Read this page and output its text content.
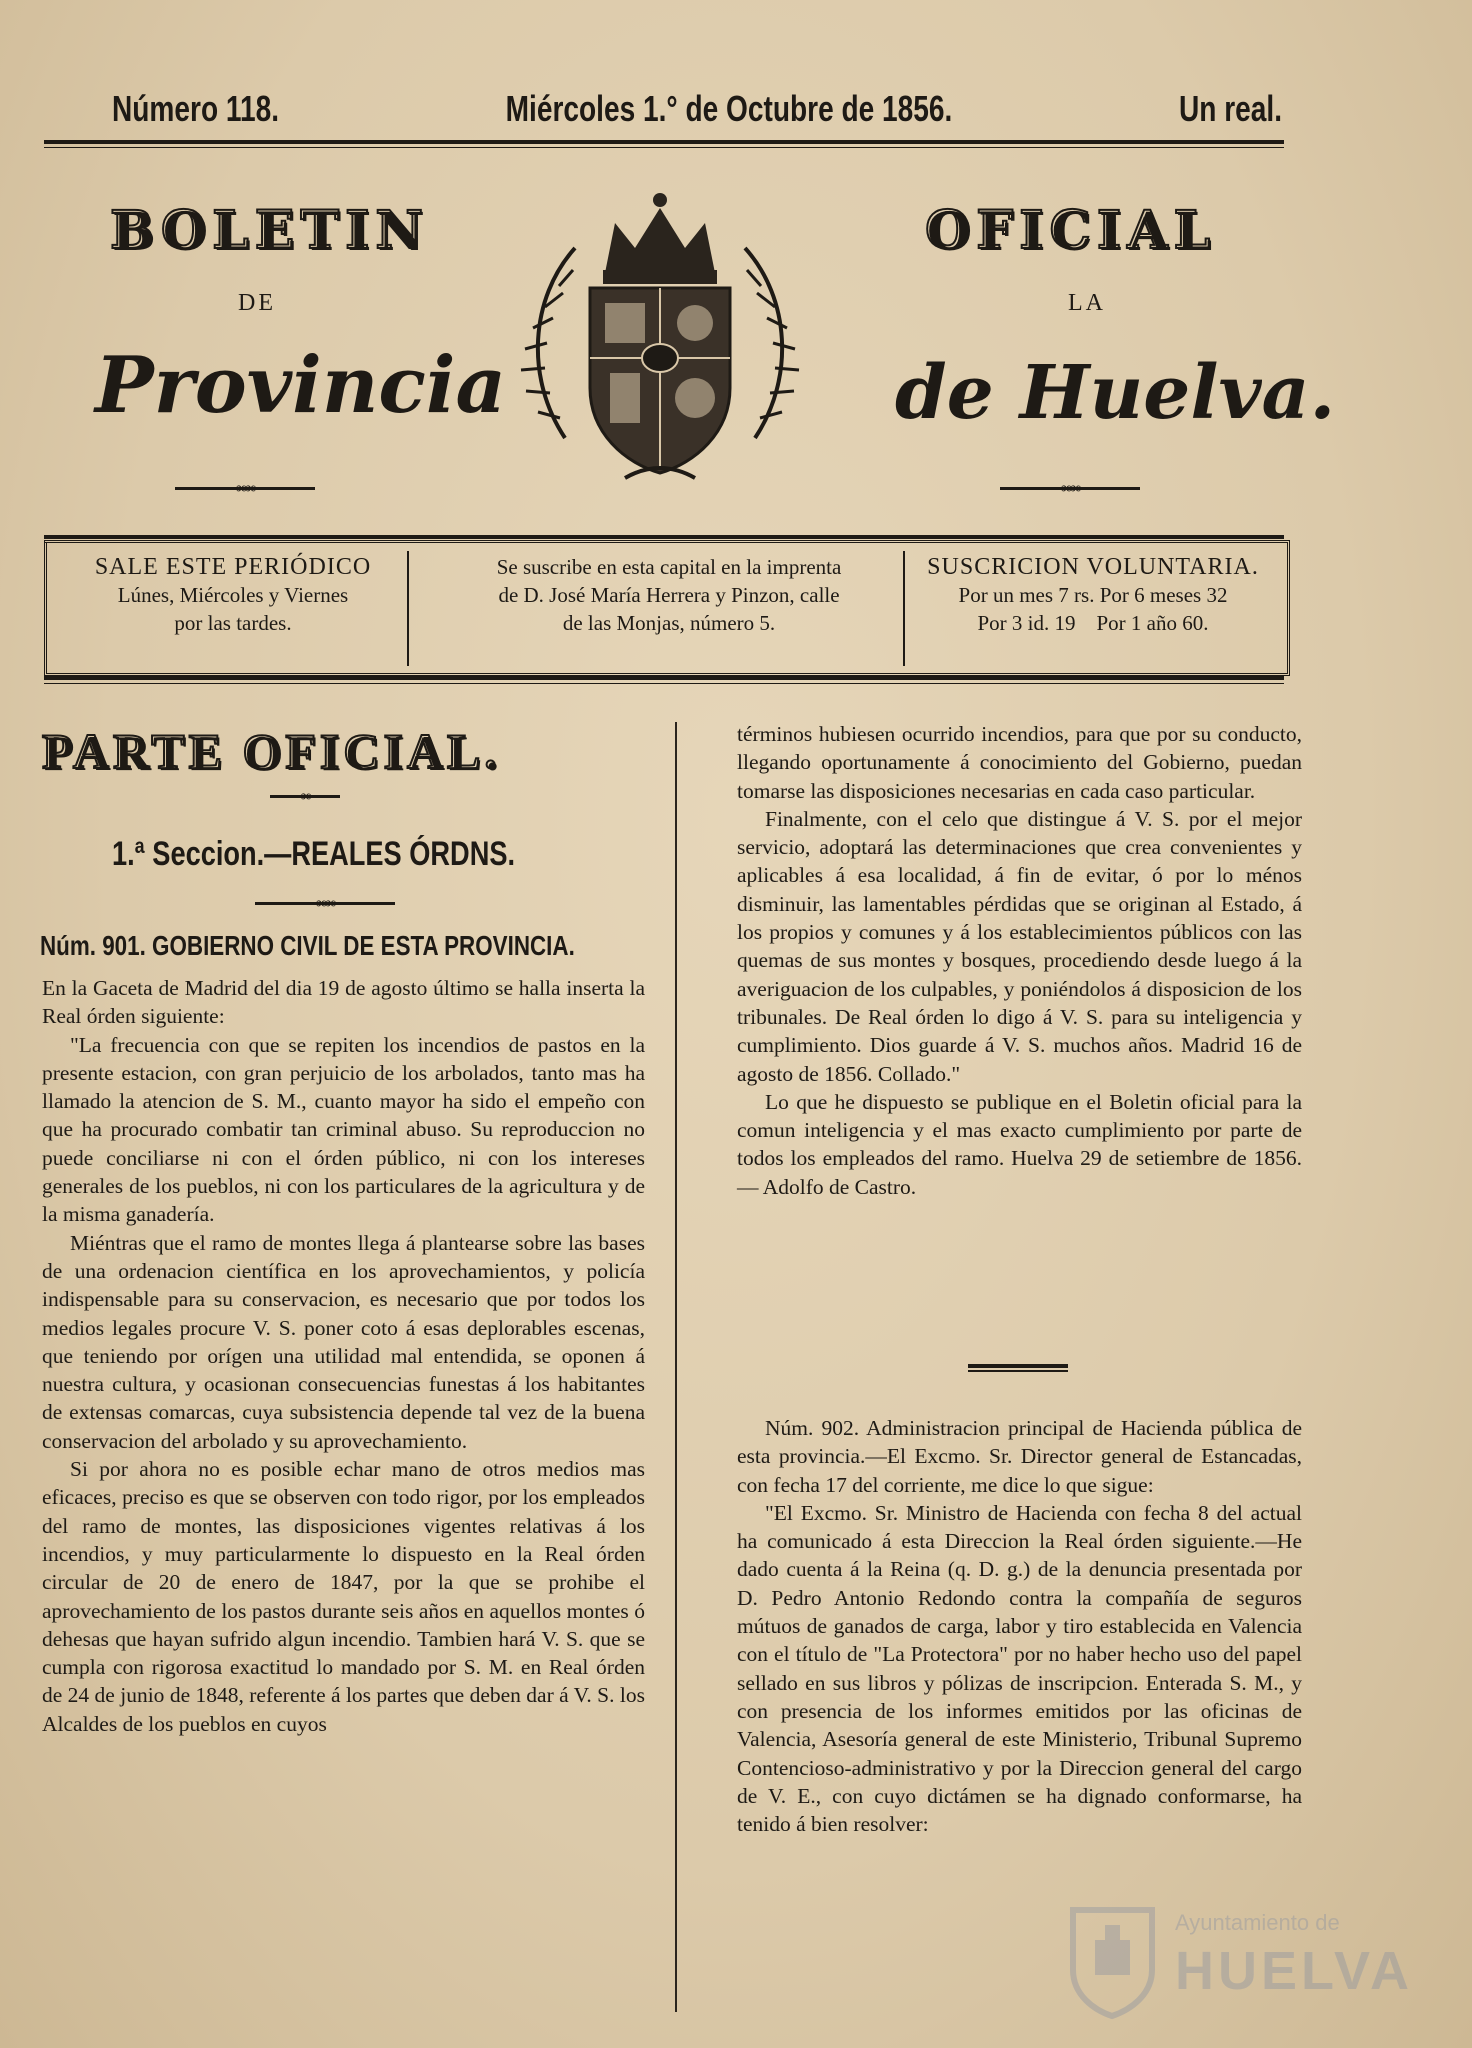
Número 118.	Miércoles 1.° de Octubre de 1856.	Un real.
BOLETIN	OFICIAL
DE	LA
Provincia	de Huelva.
∞∞	∞∞
SALE ESTE PERIÓDICO
Lúnes, Miércoles y Viernes
por las tardes.
Se suscribe en esta capital en la imprenta
de D. José María Herrera y Pinzon, calle
de las Monjas, número 5.
SUSCRICION VOLUNTARIA.
Por un mes 7 rs. Por 6 meses 32
Por 3 id. 19    Por 1 año 60.
PARTE OFICIAL.
∞
1.ª Seccion.—REALES ÓRDNS.
∞∞
Núm. 901. GOBIERNO CIVIL DE ESTA PROVINCIA.

En la Gaceta de Madrid del dia 19 de agosto último se halla inserta la Real órden siguiente:

"La frecuencia con que se repiten los incendios de pastos en la presente estacion, con gran perjuicio de los arbolados, tanto mas ha llamado la atencion de S. M., cuanto mayor ha sido el empeño con que ha procurado combatir tan criminal abuso. Su reproduccion no puede conciliarse ni con el órden público, ni con los intereses generales de los pueblos, ni con los particulares de la agricultura y de la misma ganadería.

Miéntras que el ramo de montes llega á plantearse sobre las bases de una ordenacion científica en los aprovechamientos, y policía indispensable para su conservacion, es necesario que por todos los medios legales procure V. S. poner coto á esas deplorables escenas, que teniendo por orígen una utilidad mal entendida, se oponen á nuestra cultura, y ocasionan consecuencias funestas á los habitantes de extensas comarcas, cuya subsistencia depende tal vez de la buena conservacion del arbolado y su aprovechamiento.

Si por ahora no es posible echar mano de otros medios mas eficaces, preciso es que se observen con todo rigor, por los empleados del ramo de montes, las disposiciones vigentes relativas á los incendios, y muy particularmente lo dispuesto en la Real órden circular de 20 de enero de 1847, por la que se prohibe el aprovechamiento de los pastos durante seis años en aquellos montes ó dehesas que hayan sufrido algun incendio. Tambien hará V. S. que se cumpla con rigorosa exactitud lo mandado por S. M. en Real órden de 24 de junio de 1848, referente á los partes que deben dar á V. S. los Alcaldes de los pueblos en cuyos

términos hubiesen ocurrido incendios, para que por su conducto, llegando oportunamente á conocimiento del Gobierno, puedan tomarse las disposiciones necesarias en cada caso particular.

Finalmente, con el celo que distingue á V. S. por el mejor servicio, adoptará las determinaciones que crea convenientes y aplicables á esa localidad, á fin de evitar, ó por lo ménos disminuir, las lamentables pérdidas que se originan al Estado, á los propios y comunes y á los establecimientos públicos con las quemas de sus montes y bosques, procediendo desde luego á la averiguacion de los culpables, y poniéndolos á disposicion de los tribunales. De Real órden lo digo á V. S. para su inteligencia y cumplimiento. Dios guarde á V. S. muchos años. Madrid 16 de agosto de 1856. Collado."

Lo que he dispuesto se publique en el Boletin oficial para la comun inteligencia y el mas exacto cumplimiento por parte de todos los empleados del ramo. Huelva 29 de setiembre de 1856.— Adolfo de Castro.

Núm. 902. Administracion principal de Hacienda pública de esta provincia.—El Excmo. Sr. Director general de Estancadas, con fecha 17 del corriente, me dice lo que sigue:

"El Excmo. Sr. Ministro de Hacienda con fecha 8 del actual ha comunicado á esta Direccion la Real órden siguiente.—He dado cuenta á la Reina (q. D. g.) de la denuncia presentada por D. Pedro Antonio Redondo contra la compañía de seguros mútuos de ganados de carga, labor y tiro establecida en Valencia con el título de "La Protectora" por no haber hecho uso del papel sellado en sus libros y pólizas de inscripcion. Enterada S. M., y con presencia de los informes emitidos por las oficinas de Valencia, Asesoría general de este Ministerio, Tribunal Supremo Contencioso-administrativo y por la Direccion general del cargo de V. E., con cuyo dictámen se ha dignado conformarse, ha tenido á bien resolver:

Ayuntamiento de
HUELVA
